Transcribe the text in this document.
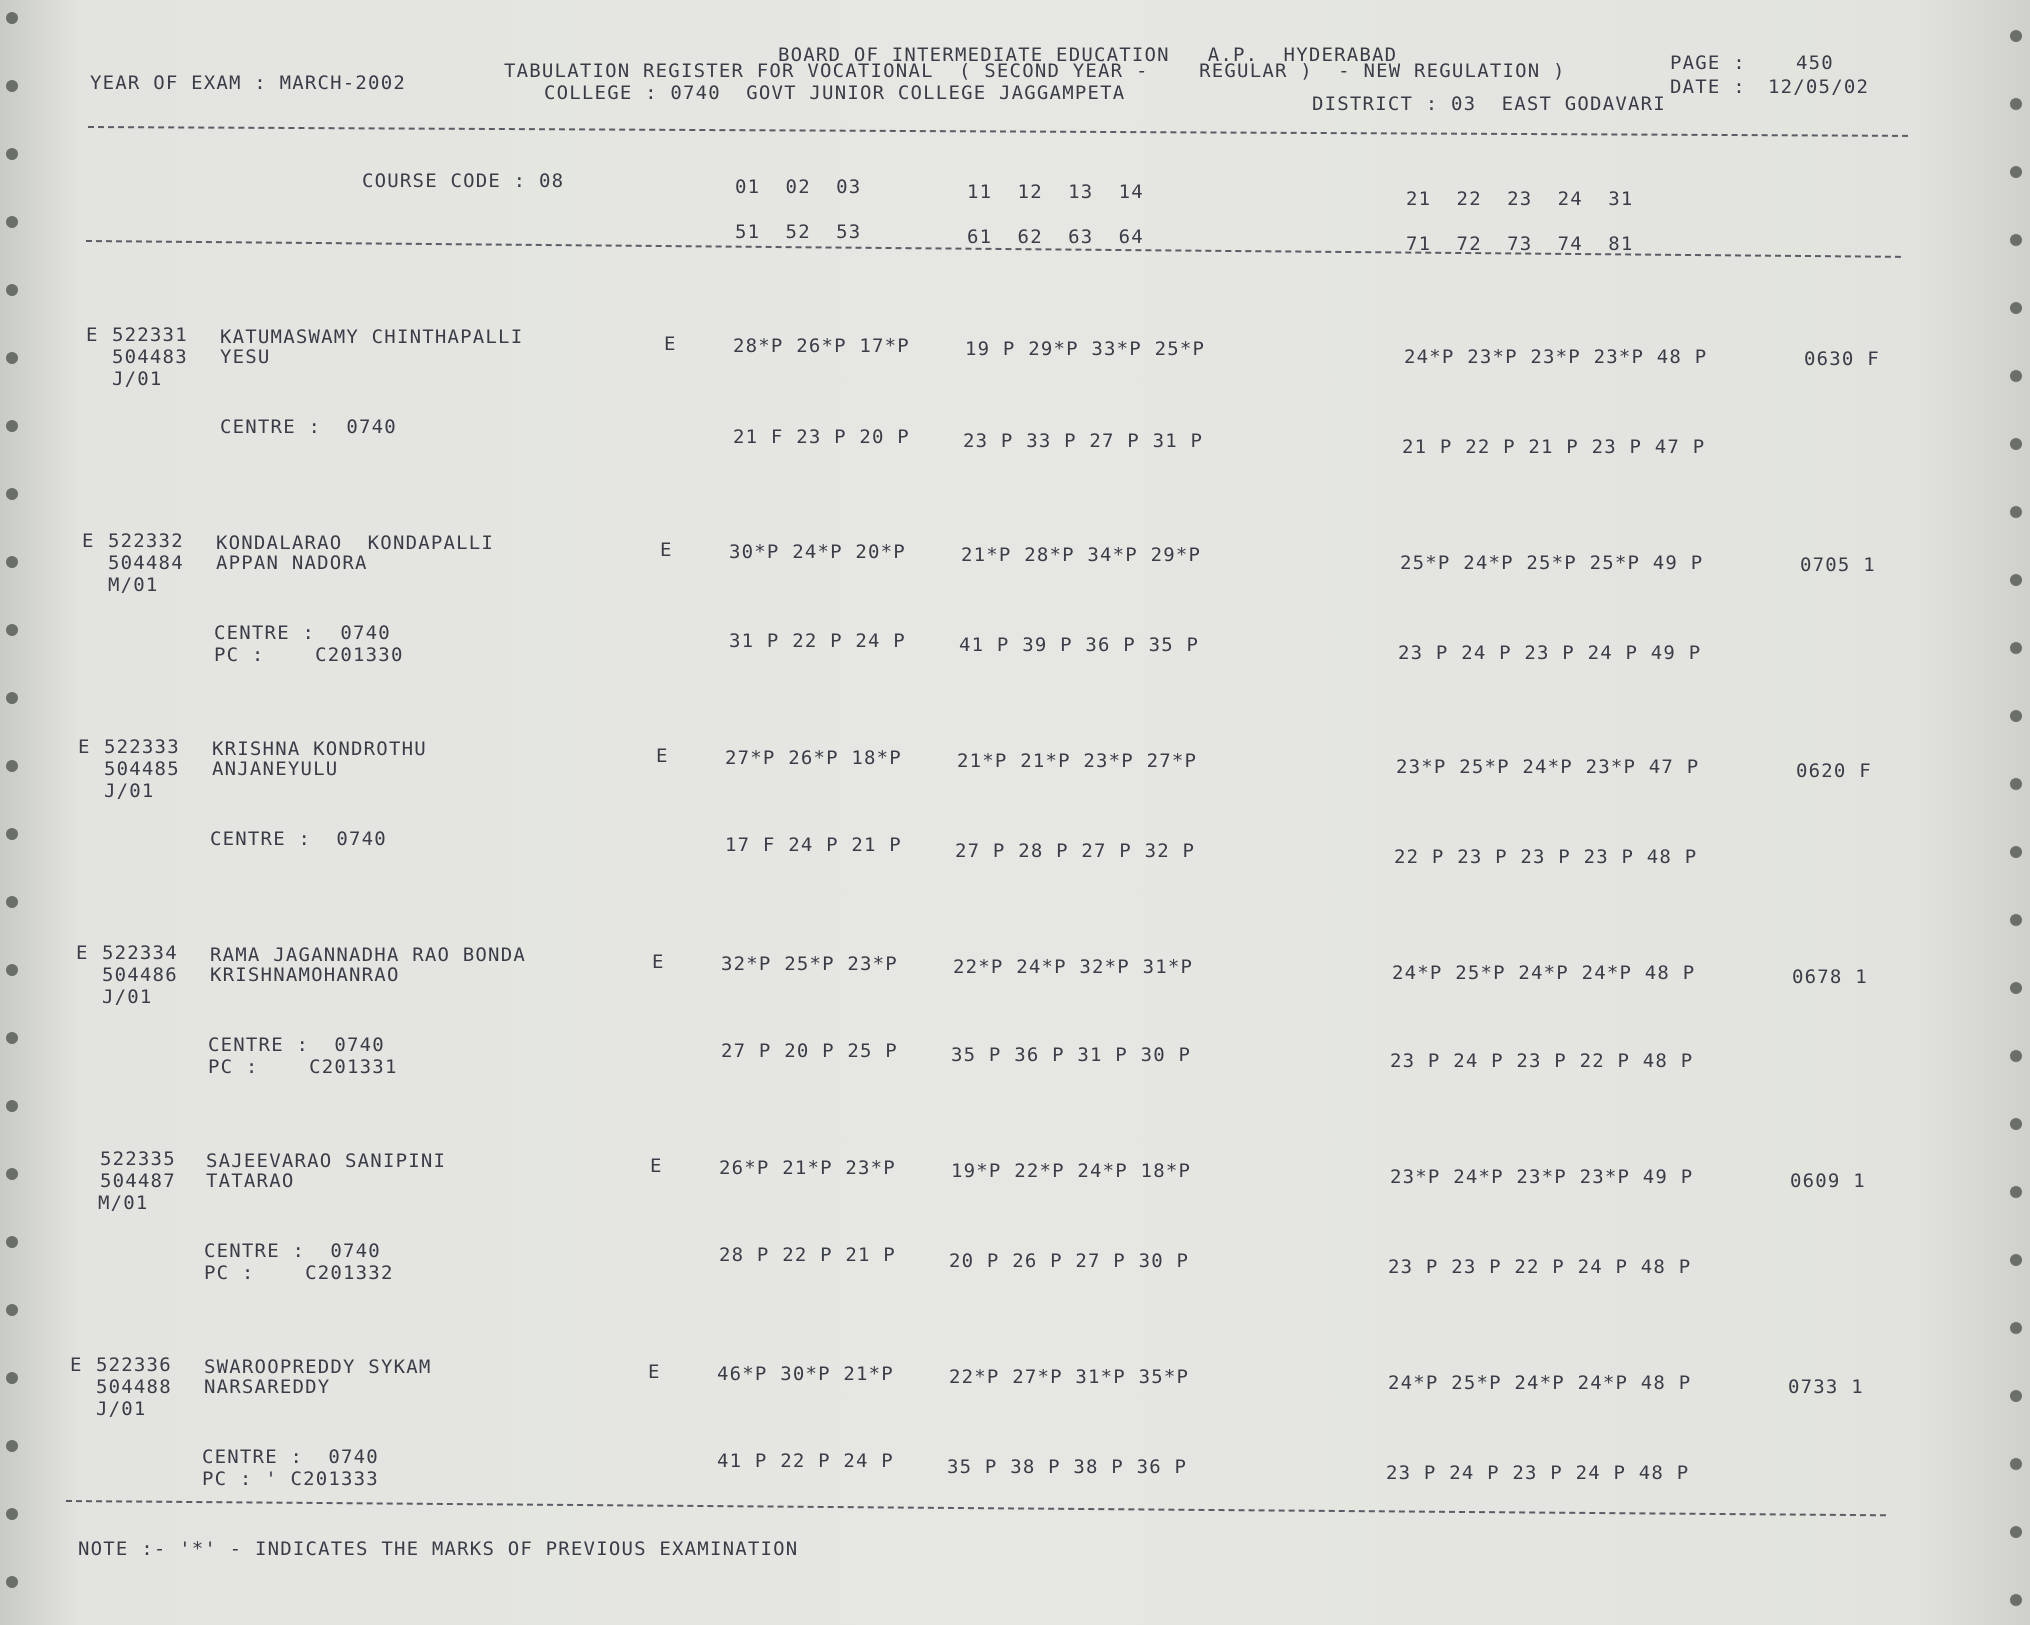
YEAR OF EXAM : MARCH-2002
BOARD OF INTERMEDIATE EDUCATION   A.P.  HYDERABAD
TABULATION REGISTER FOR VOCATIONAL  ( SECOND YEAR -    REGULAR )  - NEW REGULATION )
COLLEGE : 0740  GOVT JUNIOR COLLEGE JAGGAMPETA	DISTRICT : 03  EAST GODAVARI
PAGE :	450
DATE : 12/05/02
COURSE CODE : 08	01  02  03	11  12  13  14	21  22  23  24  31
51  52  53	61  62  63  64	71  72  73  74  81
E 522331 KATUMASWAMY CHINTHAPALLI
504483 YESU
J/01
E	28*P 26*P 17*P	19 P 29*P 33*P 25*P	24*P 23*P 23*P 23*P 48 P	0630 F
CENTRE :  0740	21 F 23 P 20 P	23 P 33 P 27 P 31 P	21 P 22 P 21 P 23 P 47 P
E 522332 KONDALARAO  KONDAPALLI
504484 APPAN NADORA
M/01
E	30*P 24*P 20*P	21*P 28*P 34*P 29*P	25*P 24*P 25*P 25*P 49 P	0705 1
CENTRE :  0740
PC :    C201330
31 P 22 P 24 P	41 P 39 P 36 P 35 P	23 P 24 P 23 P 24 P 49 P
E 522333 KRISHNA KONDROTHU
504485 ANJANEYULU
J/01
E	27*P 26*P 18*P	21*P 21*P 23*P 27*P	23*P 25*P 24*P 23*P 47 P	0620 F
CENTRE :  0740	17 F 24 P 21 P	27 P 28 P 27 P 32 P	22 P 23 P 23 P 23 P 48 P
E 522334 RAMA JAGANNADHA RAO BONDA
504486 KRISHNAMOHANRAO
J/01
E	32*P 25*P 23*P	22*P 24*P 32*P 31*P	24*P 25*P 24*P 24*P 48 P	0678 1
CENTRE :  0740
PC :    C201331
27 P 20 P 25 P	35 P 36 P 31 P 30 P	23 P 24 P 23 P 22 P 48 P
522335 SAJEEVARAO SANIPINI
504487 TATARAO
M/01
E	26*P 21*P 23*P	19*P 22*P 24*P 18*P	23*P 24*P 23*P 23*P 49 P	0609 1
CENTRE :  0740
PC :    C201332
28 P 22 P 21 P	20 P 26 P 27 P 30 P	23 P 23 P 22 P 24 P 48 P
E 522336 SWAROOPREDDY SYKAM
504488 NARSAREDDY
J/01
E	46*P 30*P 21*P	22*P 27*P 31*P 35*P	24*P 25*P 24*P 24*P 48 P	0733 1
CENTRE :  0740
PC : ' C201333
41 P 22 P 24 P	35 P 38 P 38 P 36 P	23 P 24 P 23 P 24 P 48 P
NOTE :- '*' - INDICATES THE MARKS OF PREVIOUS EXAMINATION
